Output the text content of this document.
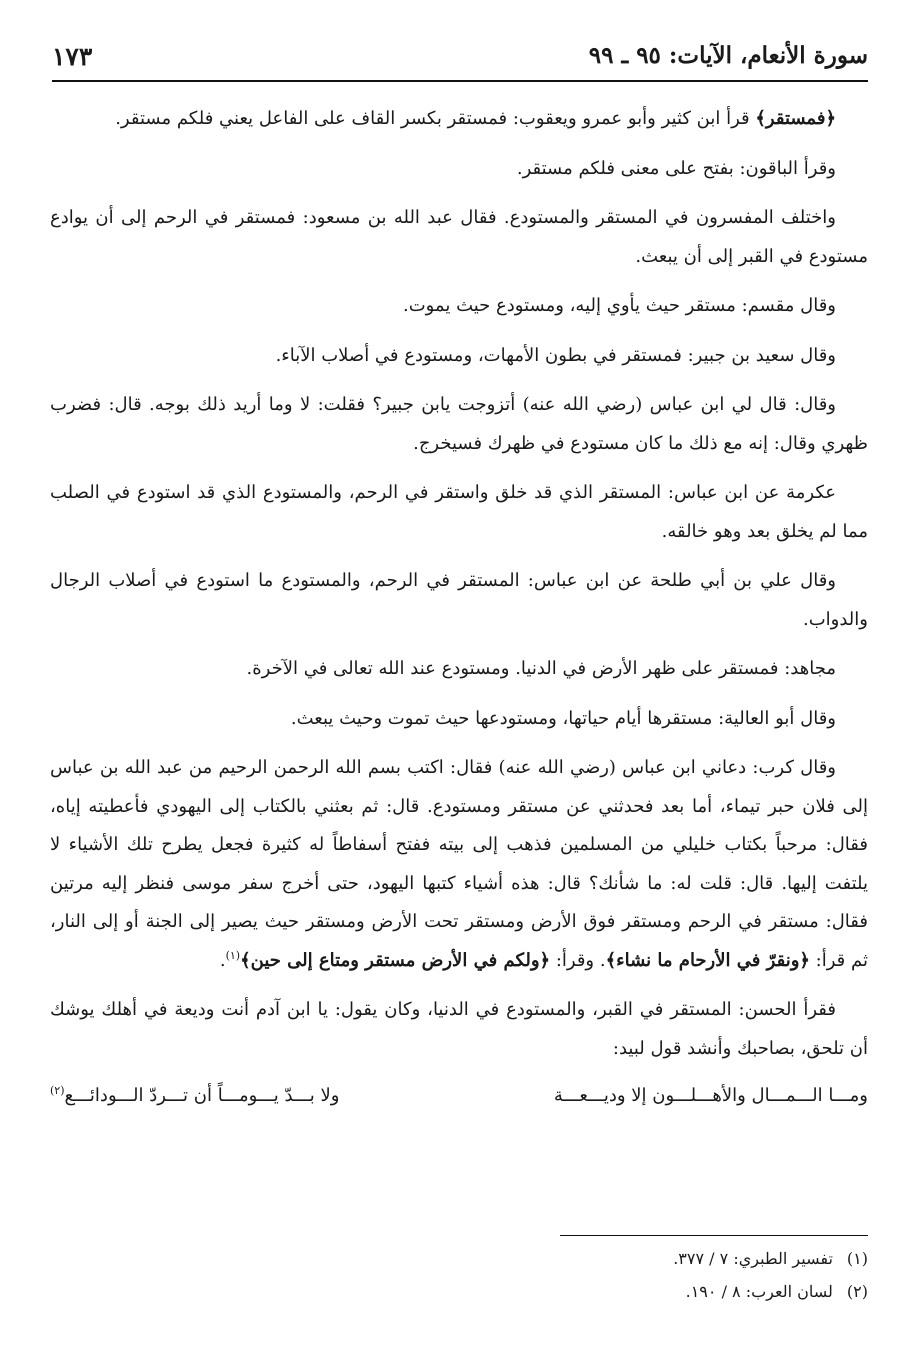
سورة الأنعام، الآيات: ٩٥ ـ ٩٩
١٧٣

﴿فمستقر﴾ قرأ ابن كثير وأبو عمرو ويعقوب: فمستقر بكسر القاف على الفاعل يعني فلكم مستقر.

وقرأ الباقون: بفتح على معنى فلكم مستقر.

واختلف المفسرون في المستقر والمستودع. فقال عبد الله بن مسعود: فمستقر في الرحم إلى أن يوادع مستودع في القبر إلى أن يبعث.

وقال مقسم: مستقر حيث يأوي إليه، ومستودع حيث يموت.

وقال سعيد بن جبير: فمستقر في بطون الأمهات، ومستودع في أصلاب الآباء.

وقال: قال لي ابن عباس (رضي الله عنه) أتزوجت يابن جبير؟ فقلت: لا وما أريد ذلك بوجه. قال: فضرب ظهري وقال: إنه مع ذلك ما كان مستودع في ظهرك فسيخرج.

عكرمة عن ابن عباس: المستقر الذي قد خلق واستقر في الرحم، والمستودع الذي قد استودع في الصلب مما لم يخلق بعد وهو خالقه.

وقال علي بن أبي طلحة عن ابن عباس: المستقر في الرحم، والمستودع ما استودع في أصلاب الرجال والدواب.

مجاهد: فمستقر على ظهر الأرض في الدنيا. ومستودع عند الله تعالى في الآخرة.

وقال أبو العالية: مستقرها أيام حياتها، ومستودعها حيث تموت وحيث يبعث.

وقال كرب: دعاني ابن عباس (رضي الله عنه) فقال: اكتب بسم الله الرحمن الرحيم من عبد الله بن عباس إلى فلان حبر تيماء، أما بعد فحدثني عن مستقر ومستودع. قال: ثم بعثني بالكتاب إلى اليهودي فأعطيته إياه، فقال: مرحباً بكتاب خليلي من المسلمين فذهب إلى بيته ففتح أسفاطاً له كثيرة فجعل يطرح تلك الأشياء لا يلتفت إليها. قال: قلت له: ما شأنك؟ قال: هذه أشياء كتبها اليهود، حتى أخرج سفر موسى فنظر إليه مرتين فقال: مستقر في الرحم ومستقر فوق الأرض ومستقر تحت الأرض ومستقر حيث يصير إلى الجنة أو إلى النار، ثم قرأ: ﴿ونقرّ في الأرحام ما نشاء﴾. وقرأ: ﴿ولكم في الأرض مستقر ومتاع إلى حين﴾$^{(١)}$.

فقرأ الحسن: المستقر في القبر، والمستودع في الدنيا، وكان يقول: يا ابن آدم أنت وديعة في أهلك يوشك أن تلحق، بصاحبك وأنشد قول لبيد:

ومـــا الـــمـــال والأهـــلـــون إلا وديـــعـــة
ولا بـــدّ يـــومـــاً أن تـــردّ الـــودائـــع$^{(٢)}$

(١)تفسير الطبري: ٧ / ٣٧٧.

(٢)لسان العرب: ٨ / ١٩٠.
